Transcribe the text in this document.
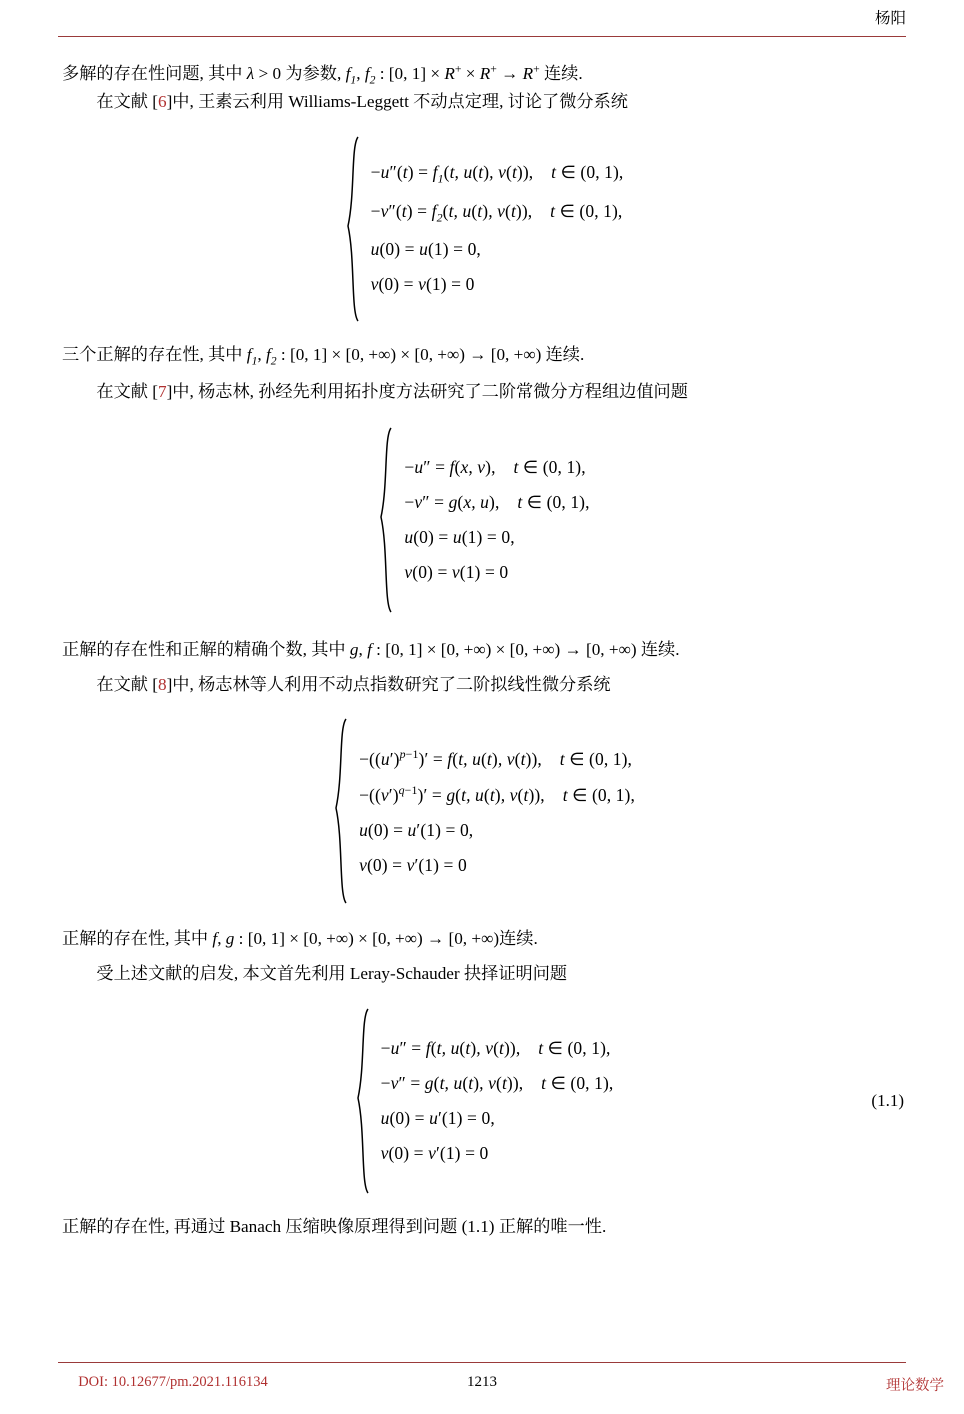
杨阳

多解的存在性问题, 其中 λ > 0 为参数, $f_1$, $f_2$ : [0, 1] × R+ × R+ → R+ 连续.

在文献 [6]中, 王素云利用 Williams-Leggett 不动点定理, 讨论了微分系统

$-u''(t) = f_1(t$, u(t), v(t)),    t ∈ (0, 1),
$-v''(t) = f_2(t$, u(t), v(t)),    t ∈ (0, 1),
u(0) = u(1) = 0,
v(0) = v(1) = 0

三个正解的存在性, 其中 $f_1$, $f_2$ : [0, 1] × [0, +∞) × [0, +∞) → [0, +∞) 连续.

在文献 [7]中, 杨志林, 孙经先利用拓扑度方法研究了二阶常微分方程组边值问题

−u″ = f(x, v),    t ∈ (0, 1),
−v″ = g(x, u),    t ∈ (0, 1),
u(0) = u(1) = 0,
v(0) = v(1) = 0

正解的存在性和正解的精确个数, 其中 g, f : [0, 1] × [0, +∞) × [0, +∞) → [0, +∞) 连续.

在文献 [8]中, 杨志林等人利用不动点指数研究了二阶拟线性微分系统

$-((u')^{p-1})' = f(t$, u(t), v(t)),    t ∈ (0, 1),
$-((v')^{q-1})' = g(t$, u(t), v(t)),    t ∈ (0, 1),
u(0) = u′(1) = 0,
v(0) = v′(1) = 0

正解的存在性, 其中 f, g : [0, 1] × [0, +∞) × [0, +∞) → [0, +∞)连续.

受上述文献的启发, 本文首先利用 Leray-Schauder 抉择证明问题

−u″ = f(t, u(t), v(t)),    t ∈ (0, 1),
−v″ = g(t, u(t), v(t)),    t ∈ (0, 1),
u(0) = u′(1) = 0,
v(0) = v′(1) = 0
(1.1)

正解的存在性, 再通过 Banach 压缩映像原理得到问题 (1.1) 正解的唯一性.

DOI: 10.12677/pm.2021.116134	1213	理论数学
